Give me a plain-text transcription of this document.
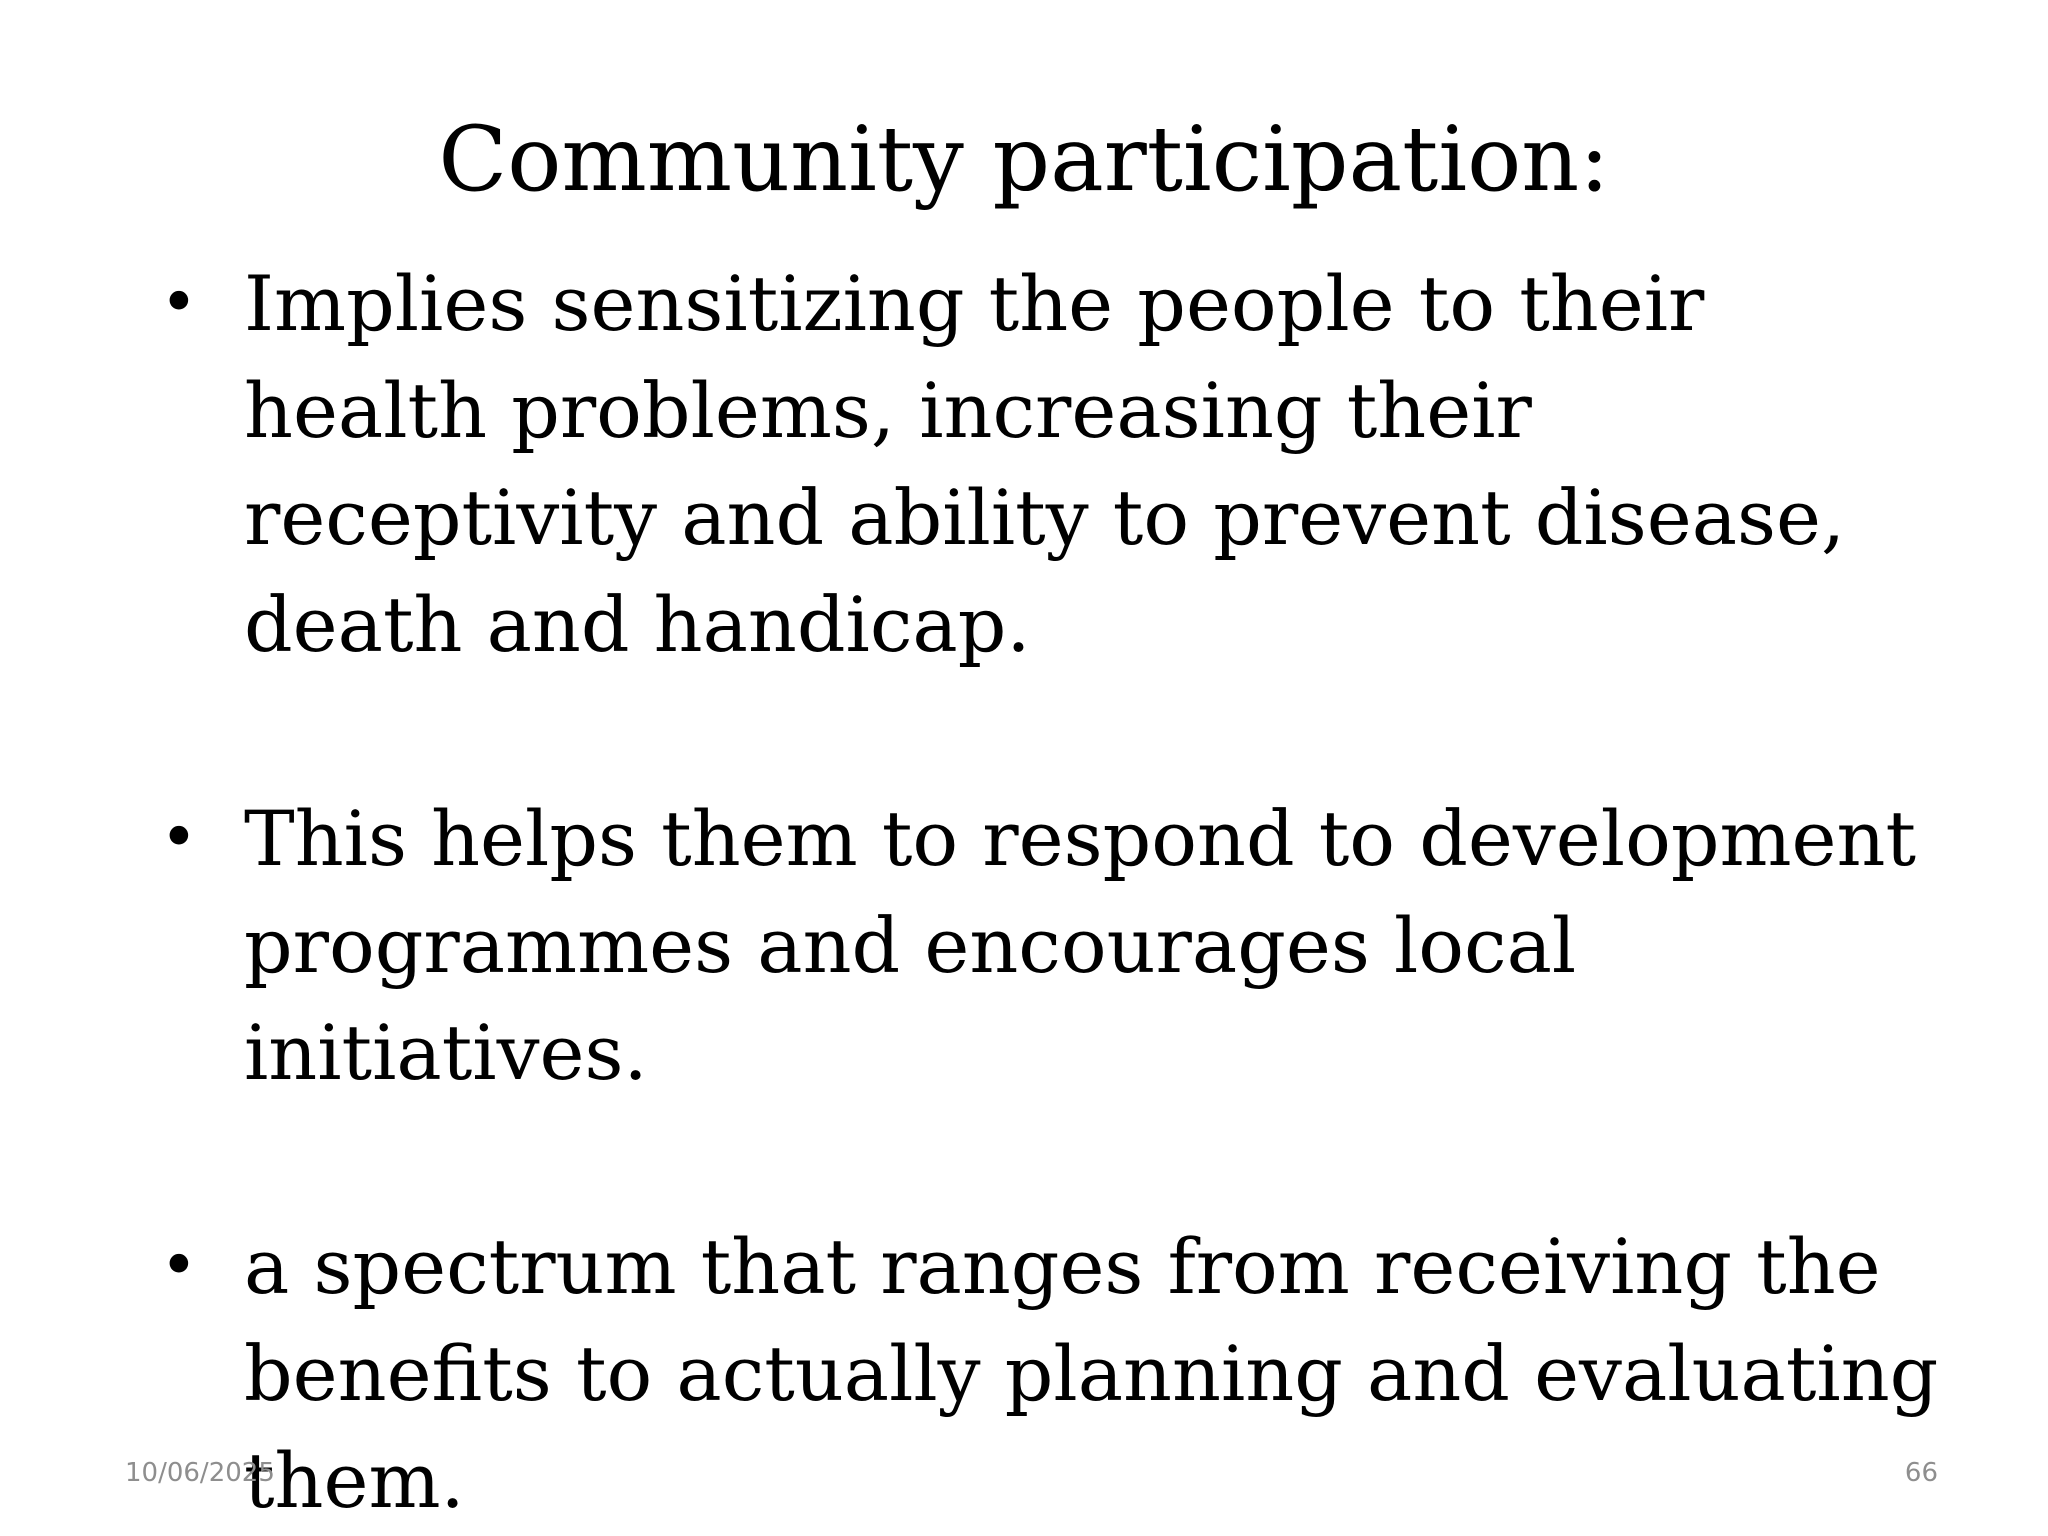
Community participation:
• Implies sensitizing the people to their health problems, increasing their receptivity and ability to prevent disease, death and handicap.
• This helps them to respond to development programmes and encourages local initiatives.
• a spectrum that ranges from receiving the benefits to actually planning and evaluating them.
10/06/2025	66
